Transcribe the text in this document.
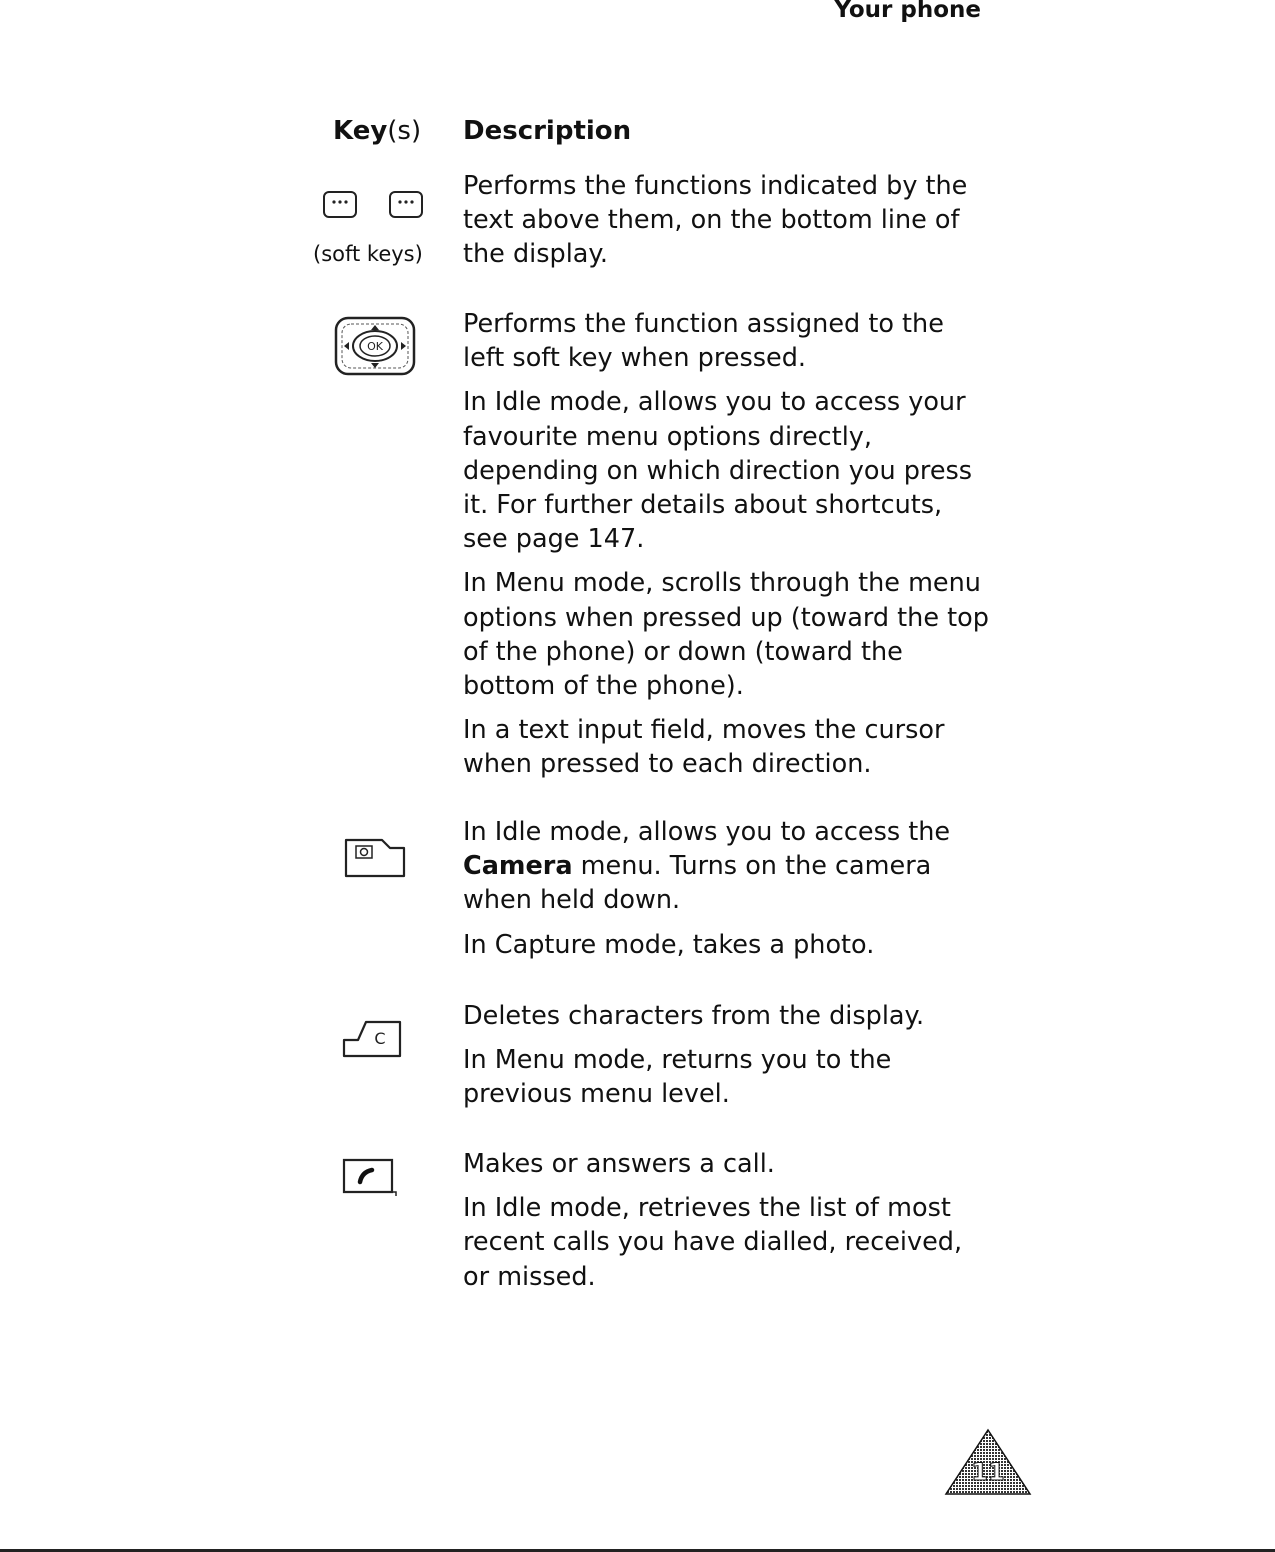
Your phone
Key(s) Description
(soft keys)

Performs the functions indicated by the text above them, on the bottom line of the display.

OK

Performs the function assigned to the left soft key when pressed.

In Idle mode, allows you to access your favourite menu options directly, depending on which direction you press it. For further details about shortcuts, see page 147.

In Menu mode, scrolls through the menu options when pressed up (toward the top of the phone) or down (toward the bottom of the phone).

In a text input field, moves the cursor when pressed to each direction.

In Idle mode, allows you to access the Camera menu. Turns on the camera when held down.

In Capture mode, takes a photo.

C

Deletes characters from the display.

In Menu mode, returns you to the previous menu level.

Makes or answers a call.

In Idle mode, retrieves the list of most recent calls you have dialled, received, or missed.

11
